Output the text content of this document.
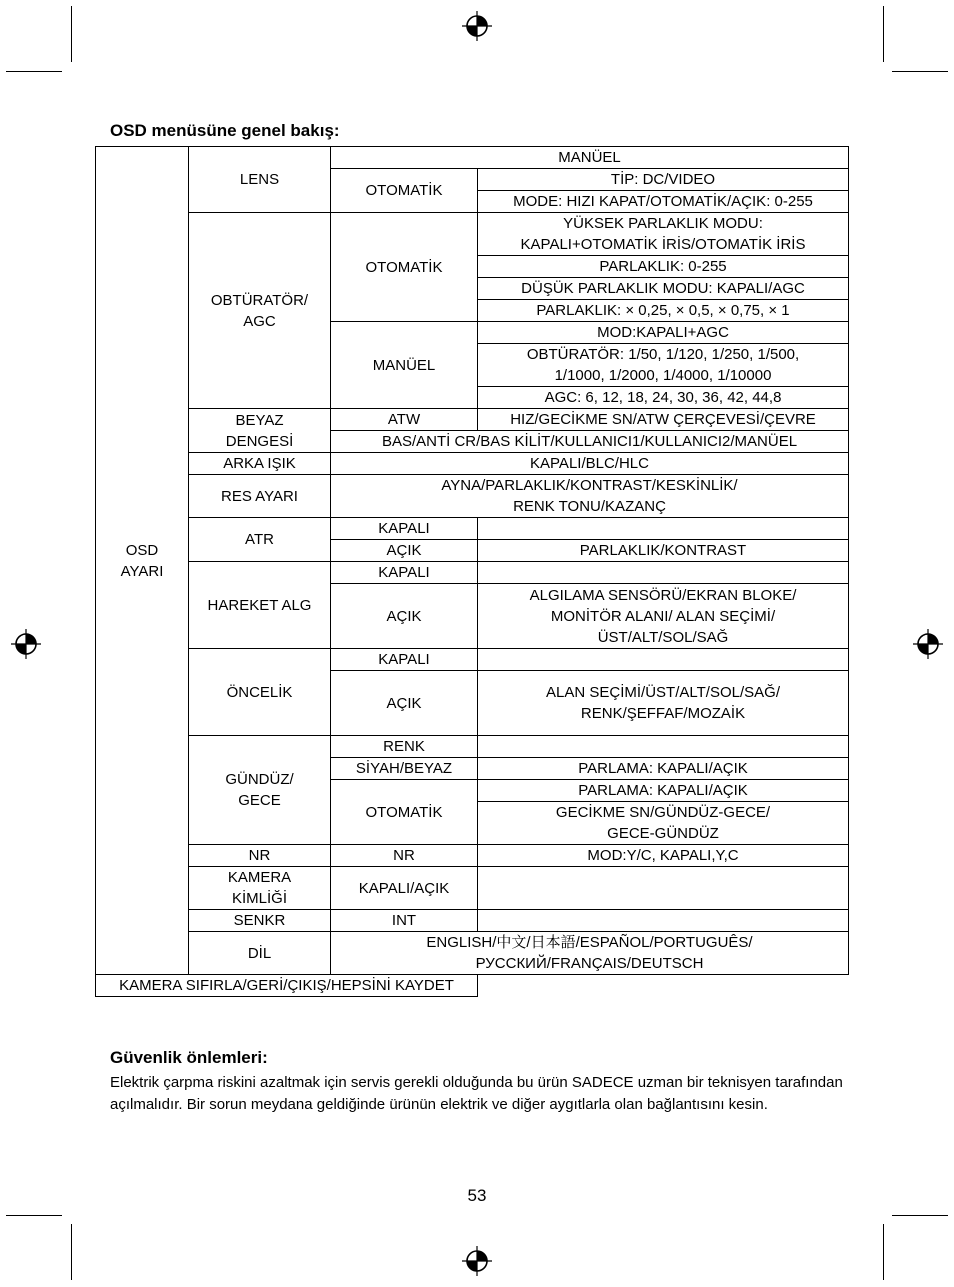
OSD menüsüne genel bakış:
OSD
AYARI	LENS	MANÜEL	
		OTOMATİK	TİP: DC/VIDEO
			MODE: HIZI KAPAT/OTOMATİK/AÇIK: 0-255

	OBTÜRATÖR/
AGC	OTOMATİK	YÜKSEK PARLAKLIK MODU:
KAPALI+OTOMATİK İRİS/OTOMATİK İRİS

			PARLAKLIK: 0-255
			DÜŞÜK PARLAKLIK MODU: KAPALI/AGC
			PARLAKLIK: × 0,25, × 0,5, × 0,75, × 1
		MANÜEL	MOD:KAPALI+AGC

			OBTÜRATÖR: 1/50, 1/120, 1/250, 1/500,
1/1000, 1/2000, 1/4000, 1/10000

			AGC: 6, 12, 18, 24, 30, 36, 42, 44,8

	BEYAZ
DENGESİ	ATW	HIZ/GECİKME SN/ATW ÇERÇEVESİ/ÇEVRE
		BAS/ANTİ CR/BAS KİLİT/KULLANICI1/KULLANICI2/MANÜEL	
	ARKA IŞIK	KAPALI/BLC/HLC	
	RES AYARI	AYNA/PARLAKLIK/KONTRAST/KESKİNLİK/
RENK TONU/KAZANÇ	

	ATR	KAPALI	
		AÇIK	PARLAKLIK/KONTRAST
	HAREKET ALG	KAPALI	
		AÇIK	ALGILAMA SENSÖRÜ/EKRAN BLOKE/
MONİTÖR ALANI/ ALAN SEÇİMİ/
ÜST/ALT/SOL/SAĞ

	ÖNCELİK	KAPALI	
		AÇIK	ALAN SEÇİMİ/ÜST/ALT/SOL/SAĞ/
RENK/ŞEFFAF/MOZAİK

	GÜNDÜZ/
GECE	RENK	
		SİYAH/BEYAZ	PARLAMA: KAPALI/AÇIK
		OTOMATİK	PARLAMA: KAPALI/AÇIK

			GECİKME SN/GÜNDÜZ-GECE/
GECE-GÜNDÜZ

	NR	NR	MOD:Y/C, KAPALI,Y,C

	KAMERA
KİMLİĞİ	KAPALI/AÇIK	

	SENKR	INT	
	DİL	ENGLISH/中文/日本語/ESPAÑOL/PORTUGUÊS/
РУССКИЙ/FRANÇAIS/DEUTSCH	

KAMERA SIFIRLA/GERİ/ÇIKIŞ/HEPSİNİ KAYDET			
Güvenlik önlemleri:

Elektrik çarpma riskini azaltmak için servis gerekli olduğunda bu ürün SADECE uzman bir teknisyen tarafından açılmalıdır. Bir sorun meydana geldiğinde ürünün elektrik ve diğer aygıtlarla olan bağlantısını kesin.

53
